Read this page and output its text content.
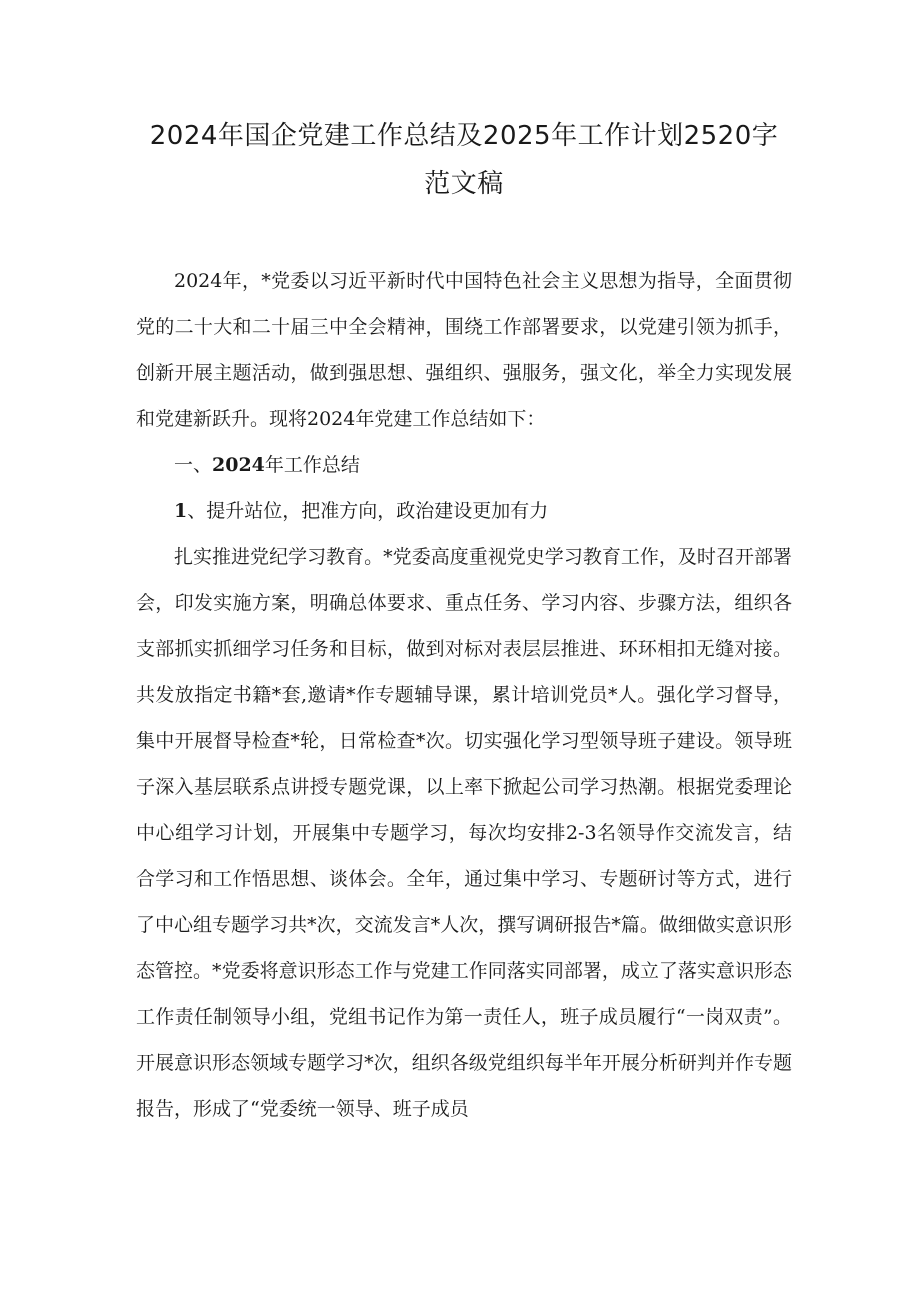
2024年国企党建工作总结及2025年工作计划2520字
范文稿

2024年，*党委以习近平新时代中国特色社会主义思想为指导，全面贯彻党的二十大和二十届三中全会精神，围绕工作部署要求，以党建引领为抓手，创新开展主题活动，做到强思想、强组织、强服务，强文化，举全力实现发展和党建新跃升。现将2024年党建工作总结如下：

一、2024年工作总结

1、提升站位，把准方向，政治建设更加有力

扎实推进党纪学习教育。*党委高度重视党史学习教育工作，及时召开部署会，印发实施方案，明确总体要求、重点任务、学习内容、步骤方法，组织各支部抓实抓细学习任务和目标，做到对标对表层层推进、环环相扣无缝对接。共发放指定书籍*套,邀请*作专题辅导课，累计培训党员*人。强化学习督导，集中开展督导检查*轮，日常检查*次。切实强化学习型领导班子建设。领导班子深入基层联系点讲授专题党课，以上率下掀起公司学习热潮。根据党委理论中心组学习计划，开展集中专题学习，每次均安排2-3名领导作交流发言，结合学习和工作悟思想、谈体会。全年，通过集中学习、专题研讨等方式，进行了中心组专题学习共*次，交流发言*人次，撰写调研报告*篇。做细做实意识形态管控。*党委将意识形态工作与党建工作同落实同部署，成立了落实意识形态工作责任制领导小组，党组书记作为第一责任人，班子成员履行“一岗双责”。开展意识形态领域专题学习*次，组织各级党组织每半年开展分析研判并作专题报告，形成了“党委统一领导、班子成员
